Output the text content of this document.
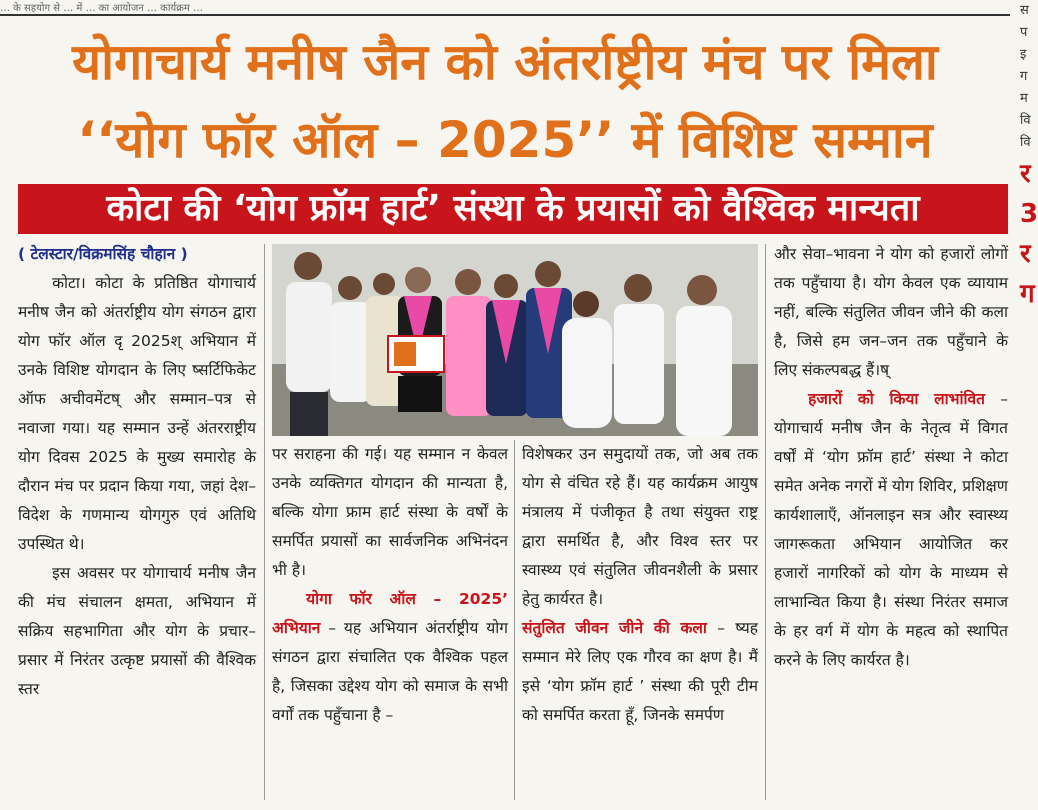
… के सहयोग से … में … का आयोजन … कार्यक्रम …
योगाचार्य मनीष जैन को अंतर्राष्ट्रीय मंच पर मिला
‘‘योग फॉर ऑल – 2025’’ में विशिष्ट सम्मान
कोटा की ‘योग फ्रॉम हार्ट’ संस्था के प्रयासों को वैश्विक मान्यता

( टेलस्टार/विक्रमसिंह चौहान )

कोटा। कोटा के प्रतिष्ठित योगाचार्य मनीष जैन को अंतर्राष्ट्रीय योग संगठन द्वारा योग फॉर ऑल दृ 2025श् अभियान में उनके विशिष्ट योगदान के लिए ष्सर्टिफिकेट ऑफ अचीवमेंटष् और सम्मान–पत्र से नवाजा गया। यह सम्मान उन्हें अंतरराष्ट्रीय योग दिवस 2025 के मुख्य समारोह के दौरान मंच पर प्रदान किया गया, जहां देश–विदेश के गणमान्य योगगुरु एवं अतिथि उपस्थित थे।

इस अवसर पर योगाचार्य मनीष जैन की मंच संचालन क्षमता, अभियान में सक्रिय सहभागिता और योग के प्रचार–प्रसार में निरंतर उत्कृष्ट प्रयासों की वैश्विक स्तर

पर सराहना की गई। यह सम्मान न केवल उनके व्यक्तिगत योगदान की मान्यता है, बल्कि योगा फ्राम हार्ट संस्था के वर्षों के समर्पित प्रयासों का सार्वजनिक अभिनंदन भी है।

योगा फॉर ऑल – 2025’ अभियान – यह अभियान अंतर्राष्ट्रीय योग संगठन द्वारा संचालित एक वैश्विक पहल है, जिसका उद्देश्य योग को समाज के सभी वर्गों तक पहुँचाना है –

विशेषकर उन समुदायों तक, जो अब तक योग से वंचित रहे हैं। यह कार्यक्रम आयुष मंत्रालय में पंजीकृत है तथा संयुक्त राष्ट्र द्वारा समर्थित है, और विश्व स्तर पर स्वास्थ्य एवं संतुलित जीवनशैली के प्रसार हेतु कार्यरत है।

संतुलित जीवन जीने की कला – ष्यह सम्मान मेरे लिए एक गौरव का क्षण है। मैं इसे ‘योग फ्रॉम हार्ट ’ संस्था की पूरी टीम को समर्पित करता हूँ, जिनके समर्पण

और सेवा–भावना ने योग को हजारों लोगों तक पहुँचाया है। योग केवल एक व्यायाम नहीं, बल्कि संतुलित जीवन जीने की कला है, जिसे हम जन–जन तक पहुँचाने के लिए संकल्पबद्ध हैं।ष्

हजारों को किया लाभांवित – योगाचार्य मनीष जैन के नेतृत्व में विगत वर्षों में ‘योग फ्रॉम हार्ट’ संस्था ने कोटा समेत अनेक नगरों में योग शिविर, प्रशिक्षण कार्यशालाएँ, ऑनलाइन सत्र और स्वास्थ्य जागरूकता अभियान आयोजित कर हजारों नागरिकों को योग के माध्यम से लाभान्वित किया है। संस्था निरंतर समाज के हर वर्ग में योग के महत्व को स्थापित करने के लिए कार्यरत है।

स प इ ग म वि वि
र 3 र ग
